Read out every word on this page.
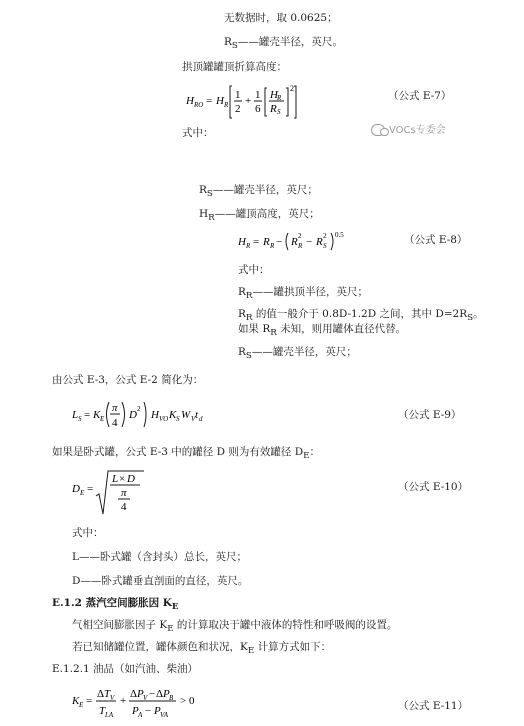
无数据时，取 0.0625；
$R_S——$罐壳半径，英尺。
拱顶罐罐顶折算高度：
H RO = H R
1
2
+ 1
6
H R
R S
2
（公式 E-7）
式中：	VOCs专委会
$R_S——$罐壳半径，英尺；
$H_R——$罐顶高度，英尺；
H R = R R − R 2
R − R 2
S
0.5	（公式 E-8）
式中：
$R_R——$罐拱顶半径，英尺；
$R_R$ 的值一般介于 0.8D-1.2D 之间，其中 $D=2R_S$。
如果 $R_R$ 未知，则用罐体直径代替。
$R_S——$罐壳半径，英尺；
由公式 E-3，公式 E-2 简化为：
L S = K E
π
4
D 2 H VO K S W V t d	（公式 E-9）
如果是卧式罐，公式 E-3 中的罐径 D 则为有效罐径 $D_E$：
D E =
L × D
π
4
（公式 E-10）
式中：
L——卧式罐（含封头）总长，英尺；
D——卧式罐垂直剖面的直径，英尺。
E.1.2 蒸汽空间膨胀因 $K_E$
气相空间膨胀因子 $K_E$ 的计算取决于罐中液体的特性和呼吸阀的设置。
若已知储罐位置，罐体颜色和状况，$K_E$ 计算方式如下：
E.1.2.1 油品（如汽油、柴油）
K E =
Δ T V
T LA
+
Δ P V − Δ P B
P A − P VA
> 0	（公式 E-11）
